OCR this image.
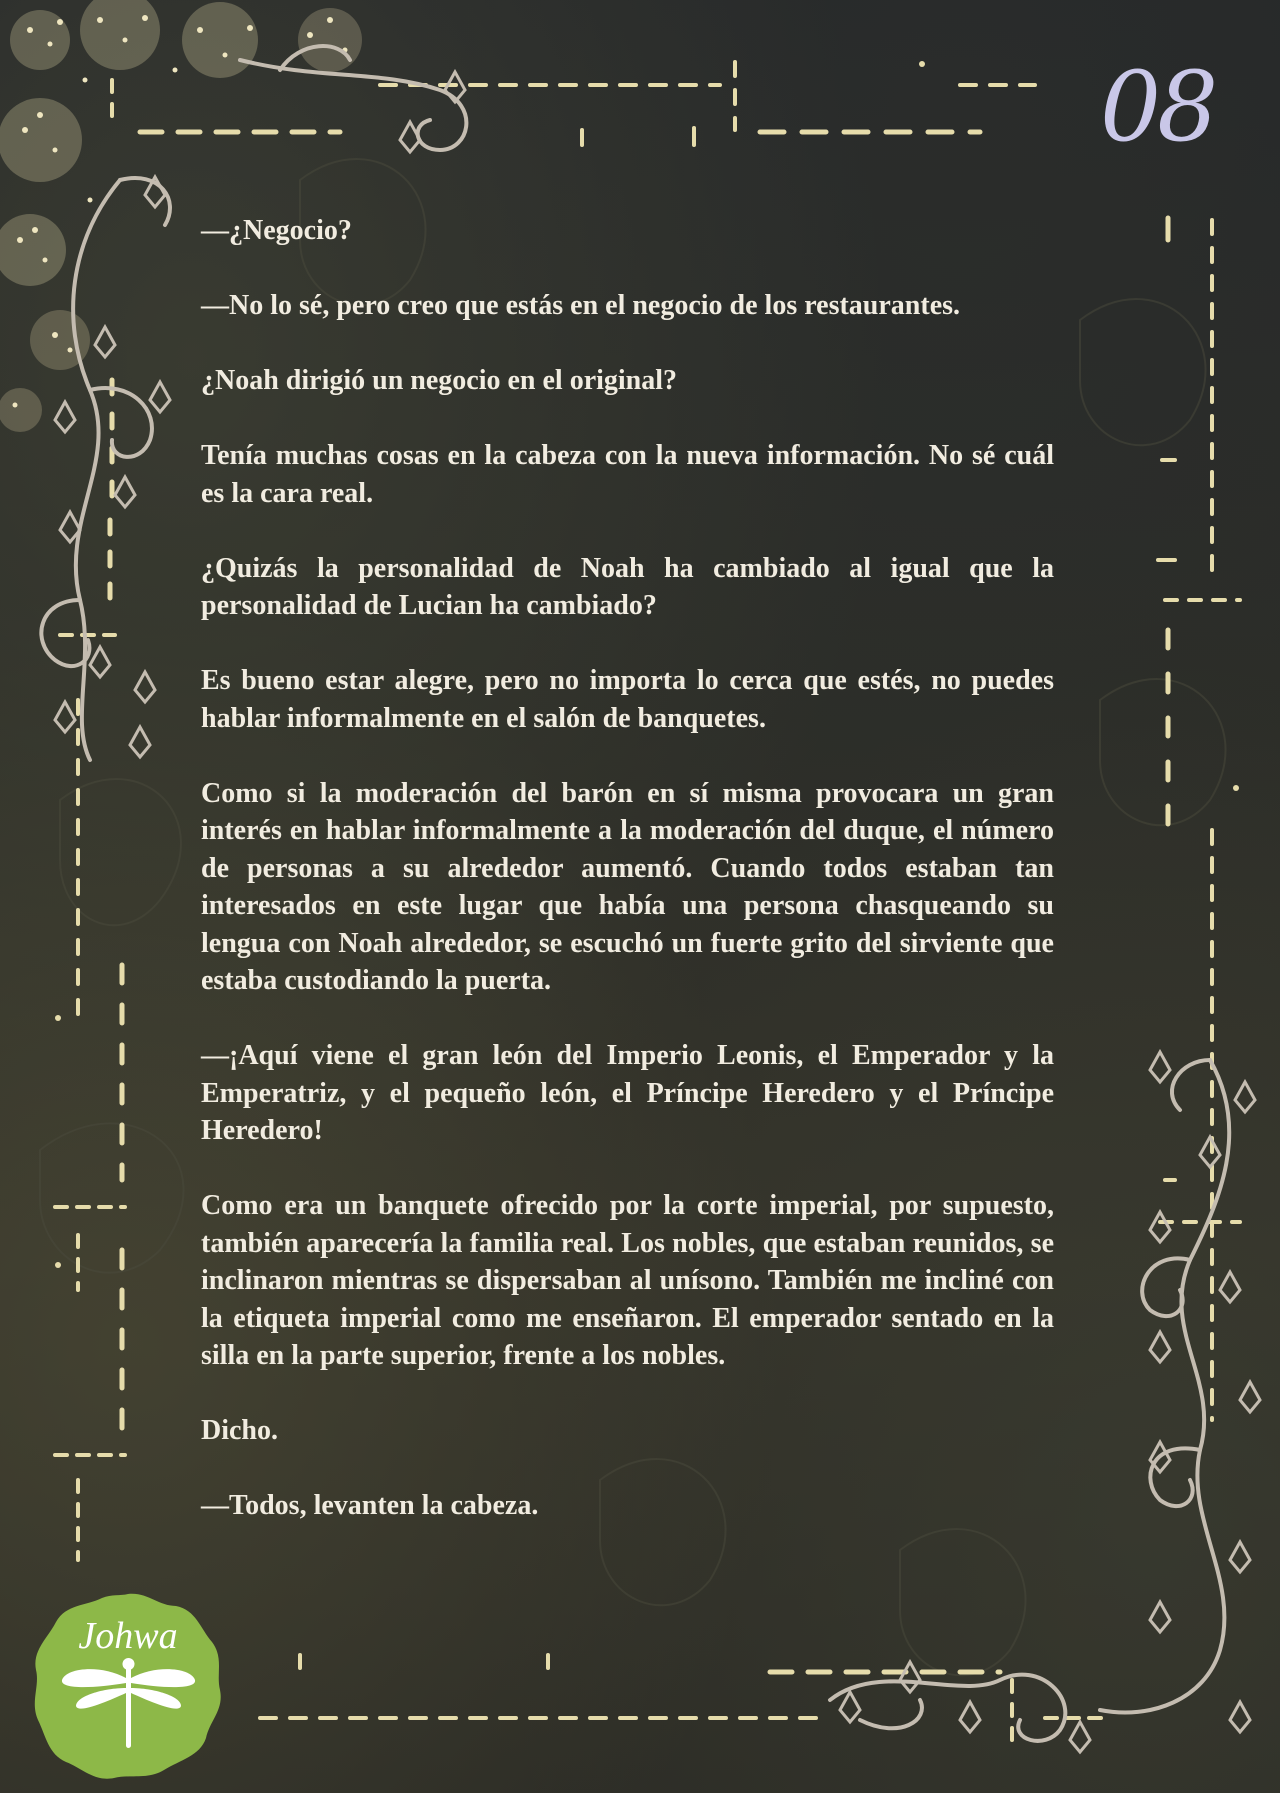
08

—¿Negocio?

—No lo sé, pero creo que estás en el negocio de los restaurantes.

¿Noah dirigió un negocio en el original?

Tenía muchas cosas en la cabeza con la nueva información. No sé cuál es la cara real.

¿Quizás la personalidad de Noah ha cambiado al igual que la personalidad de Lucian ha cambiado?

Es bueno estar alegre, pero no importa lo cerca que estés, no puedes hablar informalmente en el salón de banquetes.

Como si la moderación del barón en sí misma provocara un gran interés en hablar informalmente a la moderación del duque, el número de personas a su alrededor aumentó. Cuando todos estaban tan interesados en este lugar que había una persona chasqueando su lengua con Noah alrededor, se escuchó un fuerte grito del sirviente que estaba custodiando la puerta.

—¡Aquí viene el gran león del Imperio Leonis, el Emperador y la Emperatriz, y el pequeño león, el Príncipe Heredero y el Príncipe Heredero!

Como era un banquete ofrecido por la corte imperial, por supuesto, también aparecería la familia real. Los nobles, que estaban reunidos, se inclinaron mientras se dispersaban al unísono. También me incliné con la etiqueta imperial como me enseñaron. El emperador sentado en la silla en la parte superior, frente a los nobles.

Dicho.

—Todos, levanten la cabeza.

Johwa
